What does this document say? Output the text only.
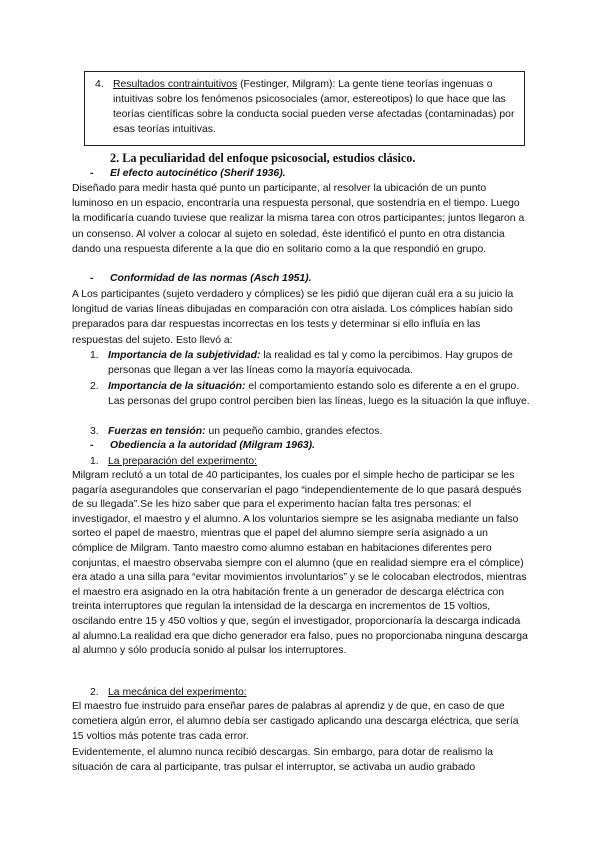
4. Resultados contraintuitivos (Festinger, Milgram): La gente tiene teorías ingenuas o intuitivas sobre los fenómenos psicosociales (amor, estereotipos) lo que hace que las teorías científicas sobre la conducta social pueden verse afectadas (contaminadas) por esas teorías intuitivas.
2. La peculiaridad del enfoque psicosocial, estudios clásico.
- El efecto autocinético (Sherif 1936).
Diseñado para medir hasta qué punto un participante, al resolver la ubicación de un punto luminoso en un espacio, encontraría una respuesta personal, que sostendría en el tiempo. Luego la modificaría cuando tuviese que realizar la misma tarea con otros participantes; juntos llegaron a un consenso. Al volver a colocar al sujeto en soledad, éste identificó el punto en otra distancia dando una respuesta diferente a la que dio en solitario como a la que respondió en grupo.
- Conformidad de las normas (Asch 1951).
A Los participantes (sujeto verdadero y cómplices) se les pidió que dijeran cuál era a su juicio la longitud de varias líneas dibujadas en comparación con otra aislada. Los cómplices habían sido preparados para dar respuestas incorrectas en los tests y determinar si ello influía en las respuestas del sujeto. Esto llevó a:
1. Importancia de la subjetividad: la realidad es tal y como la percibimos. Hay grupos de personas que llegan a ver las líneas como la mayoría equivocada.
2. Importancia de la situación: el comportamiento estando solo es diferente a en el grupo. Las personas del grupo control perciben bien las líneas, luego es la situación la que influye.
3. Fuerzas en tensión: un pequeño cambio, grandes efectos.
- Obediencia a la autoridad (Milgram 1963).
1. La preparación del experimento:
Milgram reclutó a un total de 40 participantes, los cuales por el simple hecho de participar se les pagaría asegurandoles que conservarían el pago “independientemente de lo que pasará después de su llegada”.Se les hizo saber que para el experimento hacían falta tres personas: el investigador, el maestro y el alumno. A los voluntarios siempre se les asignaba mediante un falso sorteo el papel de maestro, mientras que el papel del alumno siempre sería asignado a un cómplice de Milgram. Tanto maestro como alumno estaban en habitaciones diferentes pero conjuntas, el maestro observaba siempre con el alumno (que en realidad siempre era el cómplice) era atado a una silla para “evitar movimientos involuntarios” y se le colocaban electrodos, mientras el maestro era asignado en la otra habitación frente a un generador de descarga eléctrica con treinta interruptores que regulan la intensidad de la descarga en incrementos de 15 voltios, oscilando entre 15 y 450 voltios y que, según el investigador, proporcionaría la descarga indicada al alumno.La realidad era que dicho generador era falso, pues no proporcionaba ninguna descarga al alumno y sólo producía sonido al pulsar los interruptores.
2. La mecánica del experimento:
El maestro fue instruido para enseñar pares de palabras al aprendiz y de que, en caso de que cometiera algún error, el alumno debía ser castigado aplicando una descarga eléctrica, que sería 15 voltios más potente tras cada error.
Evidentemente, el alumno nunca recibió descargas. Sin embargo, para dotar de realismo la situación de cara al participante, tras pulsar el interruptor, se activaba un audio grabado
